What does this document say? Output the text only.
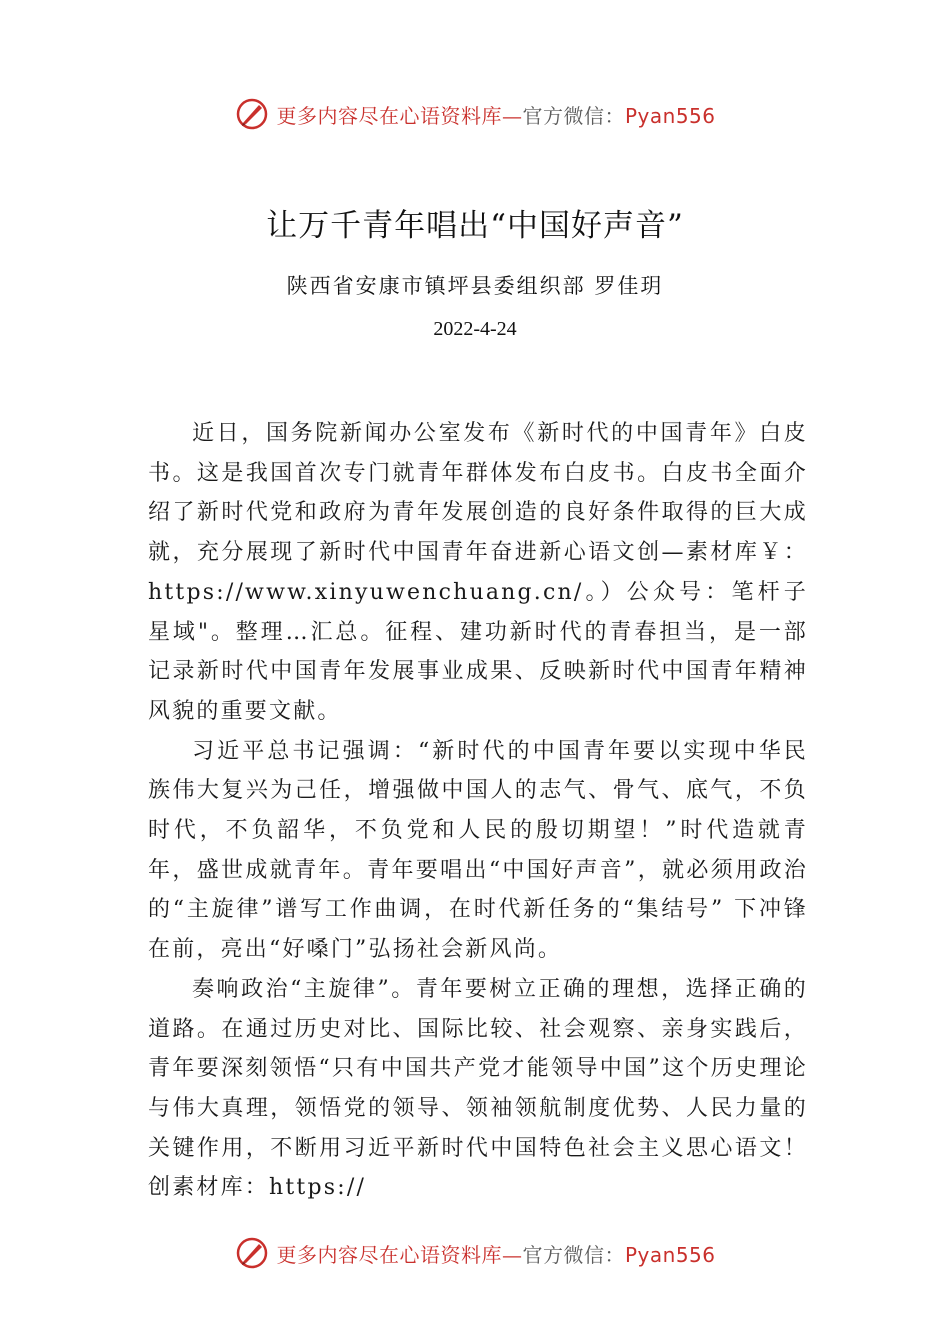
更多内容尽在心语资料库—官方微信：Pyan556
让万千青年唱出“中国好声音”
陕西省安康市镇坪县委组织部 罗佳玥
2022-4-24

近日，国务院新闻办公室发布《新时代的中国青年》白皮书。这是我国首次专门就青年群体发布白皮书。白皮书全面介绍了新时代党和政府为青年发展创造的良好条件取得的巨大成就，充分展现了新时代中国青年奋进新心语文创—素材库￥：https://www.xinyuwenchuang.cn/。）公众号：笔杆子星域"。整理…汇总。征程、建功新时代的青春担当，是一部记录新时代中国青年发展事业成果、反映新时代中国青年精神风貌的重要文献。

习近平总书记强调：“新时代的中国青年要以实现中华民族伟大复兴为己任，增强做中国人的志气、骨气、底气，不负时代，不负韶华，不负党和人民的殷切期望！”时代造就青年，盛世成就青年。青年要唱出“中国好声音”，就必须用政治的“主旋律”谱写工作曲调，在时代新任务的“集结号” 下冲锋在前，亮出“好嗓门”弘扬社会新风尚。

奏响政治“主旋律”。青年要树立正确的理想，选择正确的道路。在通过历史对比、国际比较、社会观察、亲身实践后，青年要深刻领悟“只有中国共产党才能领导中国”这个历史理论与伟大真理，领悟党的领导、领袖领航制度优势、人民力量的关键作用，不断用习近平新时代中国特色社会主义思心语文！创素材库：https://

更多内容尽在心语资料库—官方微信：Pyan556
